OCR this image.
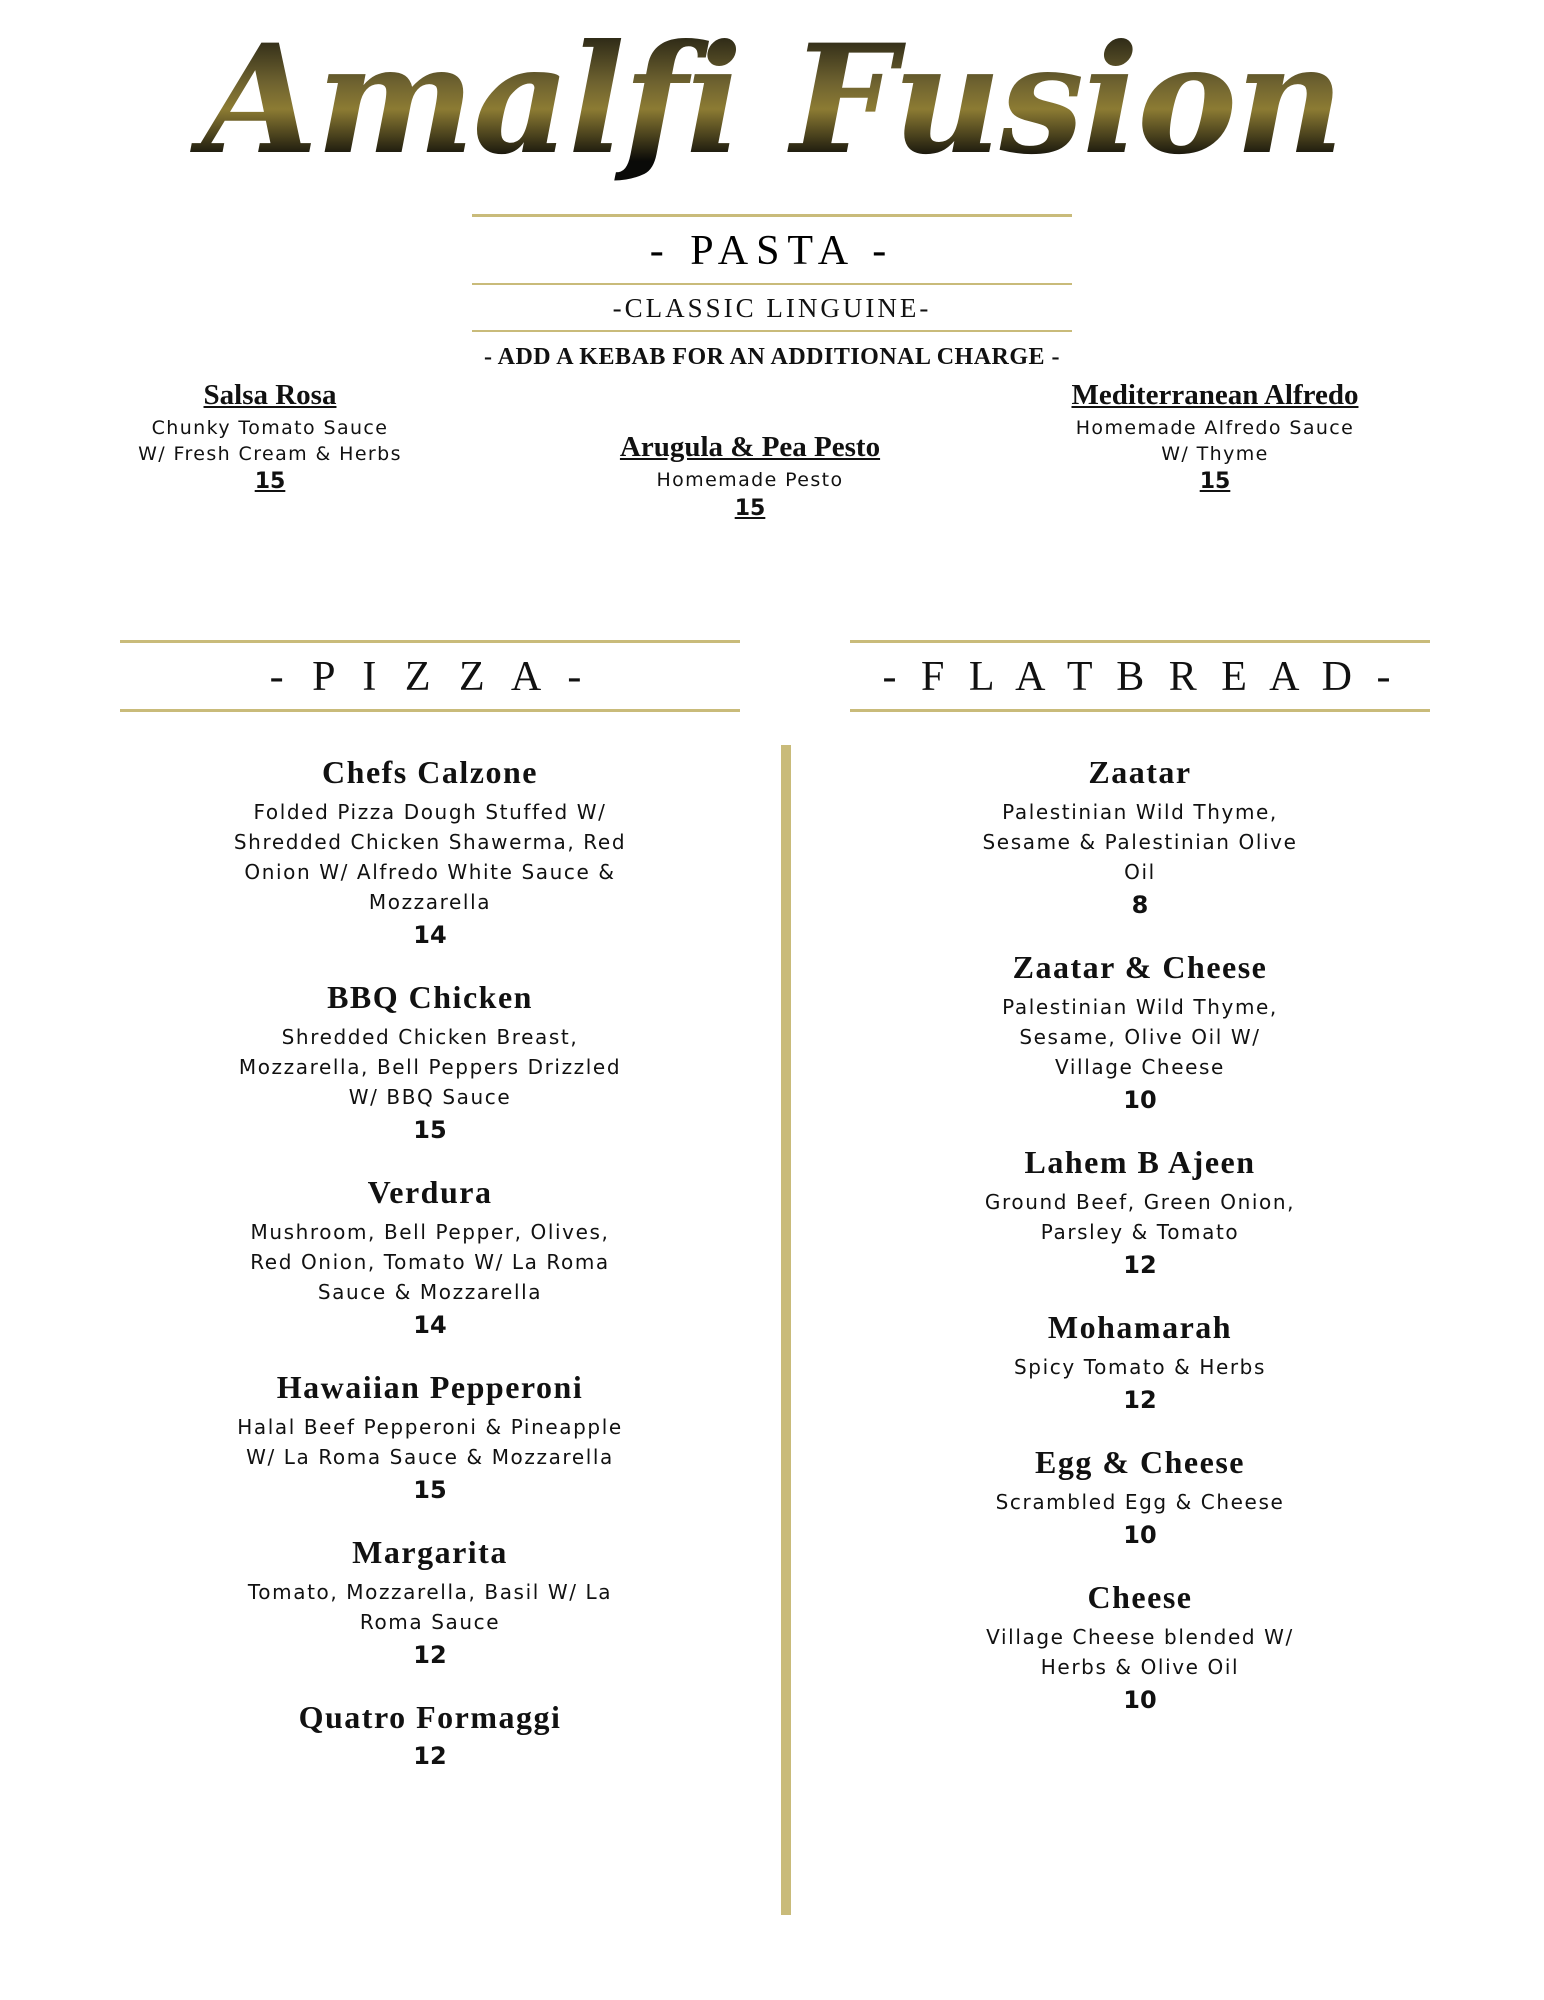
Amalfi Fusion
- PASTA -
-CLASSIC LINGUINE-
- ADD A KEBAB FOR AN ADDITIONAL CHARGE -
Salsa Rosa
Chunky Tomato Sauce
W/ Fresh Cream & Herbs
15
Arugula & Pea Pesto
Homemade Pesto
15
Mediterranean Alfredo
Homemade Alfredo Sauce
W/ Thyme
15
- P I Z Z A -
Chefs Calzone
Folded Pizza Dough Stuffed W/
Shredded Chicken Shawerma, Red
Onion W/ Alfredo White Sauce &
Mozzarella
14
BBQ Chicken
Shredded Chicken Breast,
Mozzarella, Bell Peppers Drizzled
W/ BBQ Sauce
15
Verdura
Mushroom, Bell Pepper, Olives,
Red Onion, Tomato W/ La Roma
Sauce & Mozzarella
14
Hawaiian Pepperoni
Halal Beef Pepperoni & Pineapple
W/ La Roma Sauce & Mozzarella
15
Margarita
Tomato, Mozzarella, Basil W/ La
Roma Sauce
12
Quatro Formaggi
12
- F L A T B R E A D -
Zaatar
Palestinian Wild Thyme,
Sesame & Palestinian Olive
Oil
8
Zaatar & Cheese
Palestinian Wild Thyme,
Sesame, Olive Oil W/
Village Cheese
10
Lahem B Ajeen
Ground Beef, Green Onion,
Parsley & Tomato
12
Mohamarah
Spicy Tomato & Herbs
12
Egg & Cheese
Scrambled Egg & Cheese
10
Cheese
Village Cheese blended W/
Herbs & Olive Oil
10
